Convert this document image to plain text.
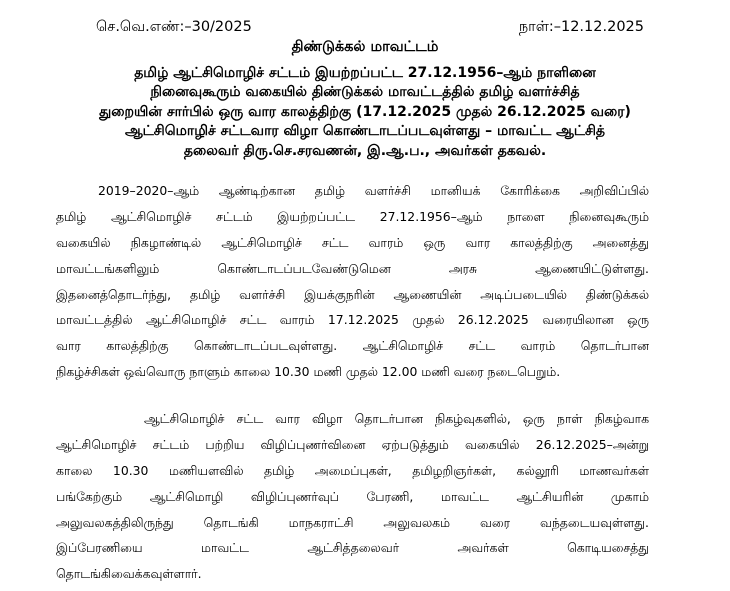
செ.வெ.எண்:–30/2025	நாள்:–12.12.2025
திண்டுக்கல் மாவட்டம்
தமிழ் ஆட்சிமொழிச் சட்டம் இயற்றப்பட்ட 27.12.1956–ஆம் நாளினை
நினைவுகூரும் வகையில் திண்டுக்கல் மாவட்டத்தில் தமிழ் வளர்ச்சித்
துறையின் சார்பில் ஒரு வார காலத்திற்கு (17.12.2025 முதல் 26.12.2025 வரை)
ஆட்சிமொழிச் சட்டவார விழா கொண்டாடப்படவுள்ளது – மாவட்ட ஆட்சித்
தலைவர் திரு.செ.சரவணன், இ.ஆ.ப., அவர்கள் தகவல்.
2019–2020–ஆம் ஆண்டிற்கான தமிழ் வளர்ச்சி மானியக் கோரிக்கை அறிவிப்பில்
தமிழ் ஆட்சிமொழிச் சட்டம் இயற்றப்பட்ட 27.12.1956–ஆம் நாளை நினைவுகூரும்
வகையில் நிகழாண்டில் ஆட்சிமொழிச் சட்ட வாரம் ஒரு வார காலத்திற்கு அனைத்து
மாவட்டங்களிலும் கொண்டாடப்படவேண்டுமென அரசு ஆணையிட்டுள்ளது.
இதனைத்தொடர்ந்து, தமிழ் வளர்ச்சி இயக்குநரின் ஆணையின் அடிப்படையில் திண்டுக்கல்
மாவட்டத்தில் ஆட்சிமொழிச் சட்ட வாரம் 17.12.2025 முதல் 26.12.2025 வரையிலான ஒரு
வார காலத்திற்கு கொண்டாடப்படவுள்ளது. ஆட்சிமொழிச் சட்ட வாரம் தொடர்பான
நிகழ்ச்சிகள் ஒவ்வொரு நாளும் காலை 10.30 மணி முதல் 12.00 மணி வரை நடைபெறும்.
ஆட்சிமொழிச் சட்ட வார விழா தொடர்பான நிகழ்வுகளில், ஒரு நாள் நிகழ்வாக
ஆட்சிமொழிச் சட்டம் பற்றிய விழிப்புணர்வினை ஏற்படுத்தும் வகையில் 26.12.2025–அன்று
காலை 10.30 மணியளவில் தமிழ் அமைப்புகள், தமிழறிஞர்கள், கல்லூரி மாணவர்கள்
பங்கேற்கும் ஆட்சிமொழி விழிப்புணர்வுப் பேரணி, மாவட்ட ஆட்சியரின் முகாம்
அலுவலகத்திலிருந்து தொடங்கி மாநகராட்சி அலுவலகம் வரை வந்தடையவுள்ளது.
இப்பேரணியை மாவட்ட ஆட்சித்தலைவர் அவர்கள் கொடியசைத்து
தொடங்கிவைக்கவுள்ளார்.
